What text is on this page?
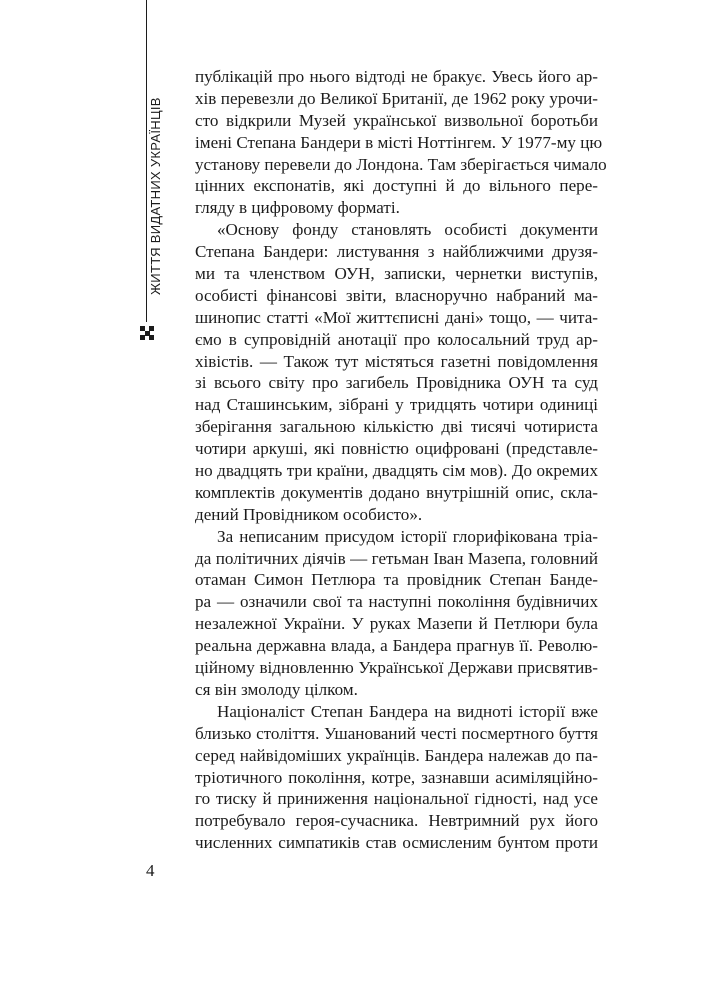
ЖИТТЯ ВИДАТНИХ УКРАЇНЦІВ
публікацій про нього відтоді не бракує. Увесь його ар-
хів перевезли до Великої Британії, де 1962 року урочи-
сто відкрили Музей української визвольної боротьби
імені Степана Бандери в місті Ноттінгем. У 1977-му цю
установу перевели до Лондона. Там зберігається чимало
цінних експонатів, які доступні й до вільного пере-
гляду в цифровому форматі.
«Основу фонду становлять особисті документи
Степана Бандери: листування з найближчими друзя-
ми та членством ОУН, записки, чернетки виступів,
особисті фінансові звіти, власноручно набраний ма-
шинопис статті «Мої життєписні дані» тощо, — чита-
ємо в супровідній анотації про колосальний труд ар-
хівістів. — Також тут містяться газетні повідомлення
зі всього світу про загибель Провідника ОУН та суд
над Сташинським, зібрані у тридцять чотири одиниці
зберігання загальною кількістю дві тисячі чотириста
чотири аркуші, які повністю оцифровані (представле-
но двадцять три країни, двадцять сім мов). До окремих
комплектів документів додано внутрішній опис, скла-
дений Провідником особисто».
За неписаним присудом історії глорифікована тріа-
да політичних діячів — гетьман Іван Мазепа, головний
отаман Симон Петлюра та провідник Степан Бандe-
ра — означили свої та наступні покоління будівничих
незалежної України. У руках Мазепи й Петлюри була
реальна державна влада, а Бандера прагнув її. Револю-
ційному відновленню Української Держави присвятив-
ся він змолоду цілком.
Націоналіст Степан Бандера на видноті історії вже
близько століття. Ушанований честі посмертного буття
серед найвідоміших українців. Бандера належав до па-
тріотичного покоління, котре, зазнавши асиміляційно-
го тиску й приниження національної гідності, над усе
потребувало героя-сучасника. Невтримний рух його
численних симпатиків став осмисленим бунтом проти
4
